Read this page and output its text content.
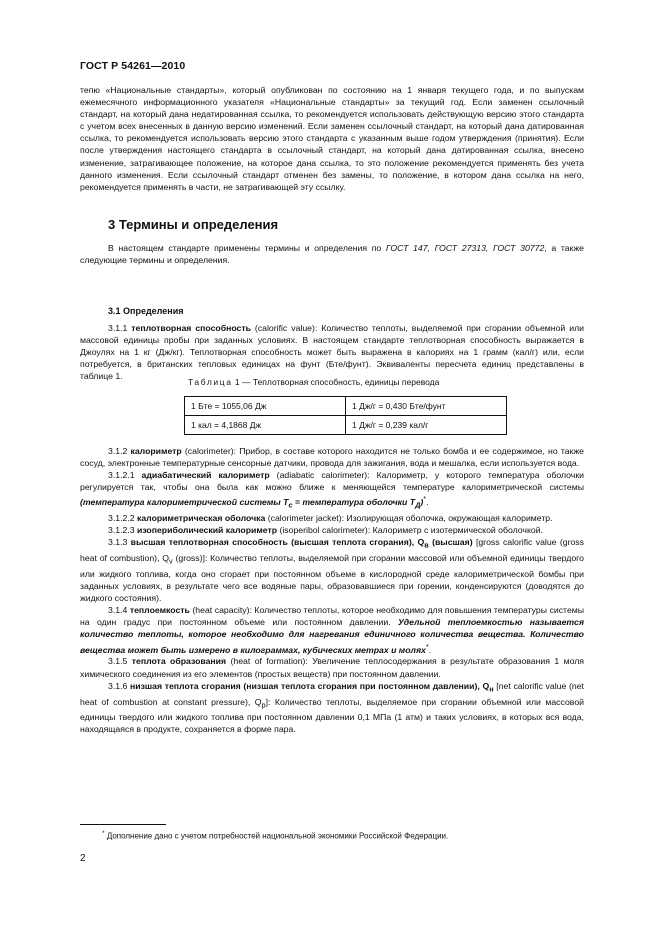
ГОСТ Р 54261—2010

тепю «Национальные стандарты», который опубликован по состоянию на 1 января текущего года, и по выпускам ежемесячного информационного указателя «Национальные стандарты» за текущий год. Если заменен ссылочный стандарт, на который дана недатированная ссылка, то рекомендуется использовать действующую версию этого стандарта с учетом всех внесенных в данную версию изменений. Если заменен ссылочный стандарт, на который дана датированная ссылка, то рекомендуется использовать версию этого стандарта с указанным выше годом утверждения (принятия). Если после утверждения настоящего стандарта в ссылочный стандарт, на который дана датированная ссылка, внесено изменение, затрагивающее положение, на которое дана ссылка, то это положение рекомендуется применять без учета данного изменения. Если ссылочный стандарт отменен без замены, то положение, в котором дана ссылка на него, рекомендуется применять в части, не затрагивающей эту ссылку.

3 Термины и определения

В настоящем стандарте применены термины и определения по ГОСТ 147, ГОСТ 27313, ГОСТ 30772, а также следующие термины и определения.

3.1 Определения

3.1.1 теплотворная способность (calorific value): Количество теплоты, выделяемой при сгорании объемной или массовой единицы пробы при заданных условиях. В настоящем стандарте теплотворная способность выражается в Джоулях на 1 кг (Дж/кг). Теплотворная способность может быть выражена в калориях на 1 грамм (кал/г) или, если потребуется, в британских тепловых единицах на фунт (Бте/фунт). Эквиваленты пересчета единиц представлены в таблице 1.

Таблица 1 — Теплотворная способность, единицы перевода
1 Бте = 1055,06 Дж	1 Дж/г = 0,430 Бте/фунт
1 кал = 4,1868 Дж	1 Дж/г = 0,239 кал/г

3.1.2 калориметр (calorimeter): Прибор, в составе которого находится не только бомба и ее содержимое, но также сосуд, электронные температурные сенсорные датчики, провода для зажигания, вода и мешалка, если используется вода.

3.1.2.1 адиабатический калориметр (adiabatic calorimeter): Калориметр, у которого температура оболочки регулируется так, чтобы она была как можно ближе к меняющейся температуре калориметрической системы (температура калориметрической системы $T_c$ = температура оболочки $T_Д)^*$.

3.1.2.2 калориметрическая оболочка (calorimeter jacket): Изолирующая оболочка, окружающая калориметр.

3.1.2.3 изопериболический калориметр (isoperibol calorimeter): Калориметр с изотермической оболочкой.

3.1.3 высшая теплотворная способность (высшая теплота сгорания), $Q_в$ (высшая) [gross calorific value (gross heat of combustion), $Q_v$ (gross)]: Количество теплоты, выделяемой при сгорании массовой или объемной единицы твердого или жидкого топлива, когда оно сгорает при постоянном объеме в кислородной среде калориметрической бомбы при заданных условиях, в результате чего все водяные пары, образовавшиеся при горении, конденсируются (доводятся до жидкого состояния).

3.1.4 теплоемкость (heat capacity): Количество теплоты, которое необходимо для повышения температуры системы на один градус при постоянном объеме или постоянном давлении. Удельной теплоемкостью называется количество теплоты, которое необходимо для нагревания единичного количества вещества. Количество вещества может быть измерено в килограммах, кубических метрах и молях*.

3.1.5 теплота образования (heat of formation): Увеличение теплосодержания в результате образования 1 моля химического соединения из его элементов (простых веществ) при постоянном давлении.

3.1.6 низшая теплота сгорания (низшая теплота сгорания при постоянном давлении), $Q_н$ [net calorific value (net heat of combustion at constant pressure), $Q_p$]: Количество теплоты, выделяемое при сгорании объемной или массовой единицы твердого или жидкого топлива при постоянном давлении 0,1 МПа (1 атм) и таких условиях, в которых вся вода, находящаяся в продукте, сохраняется в форме пара.

* Дополнение дано с учетом потребностей национальной экономики Российской Федерации.
2
